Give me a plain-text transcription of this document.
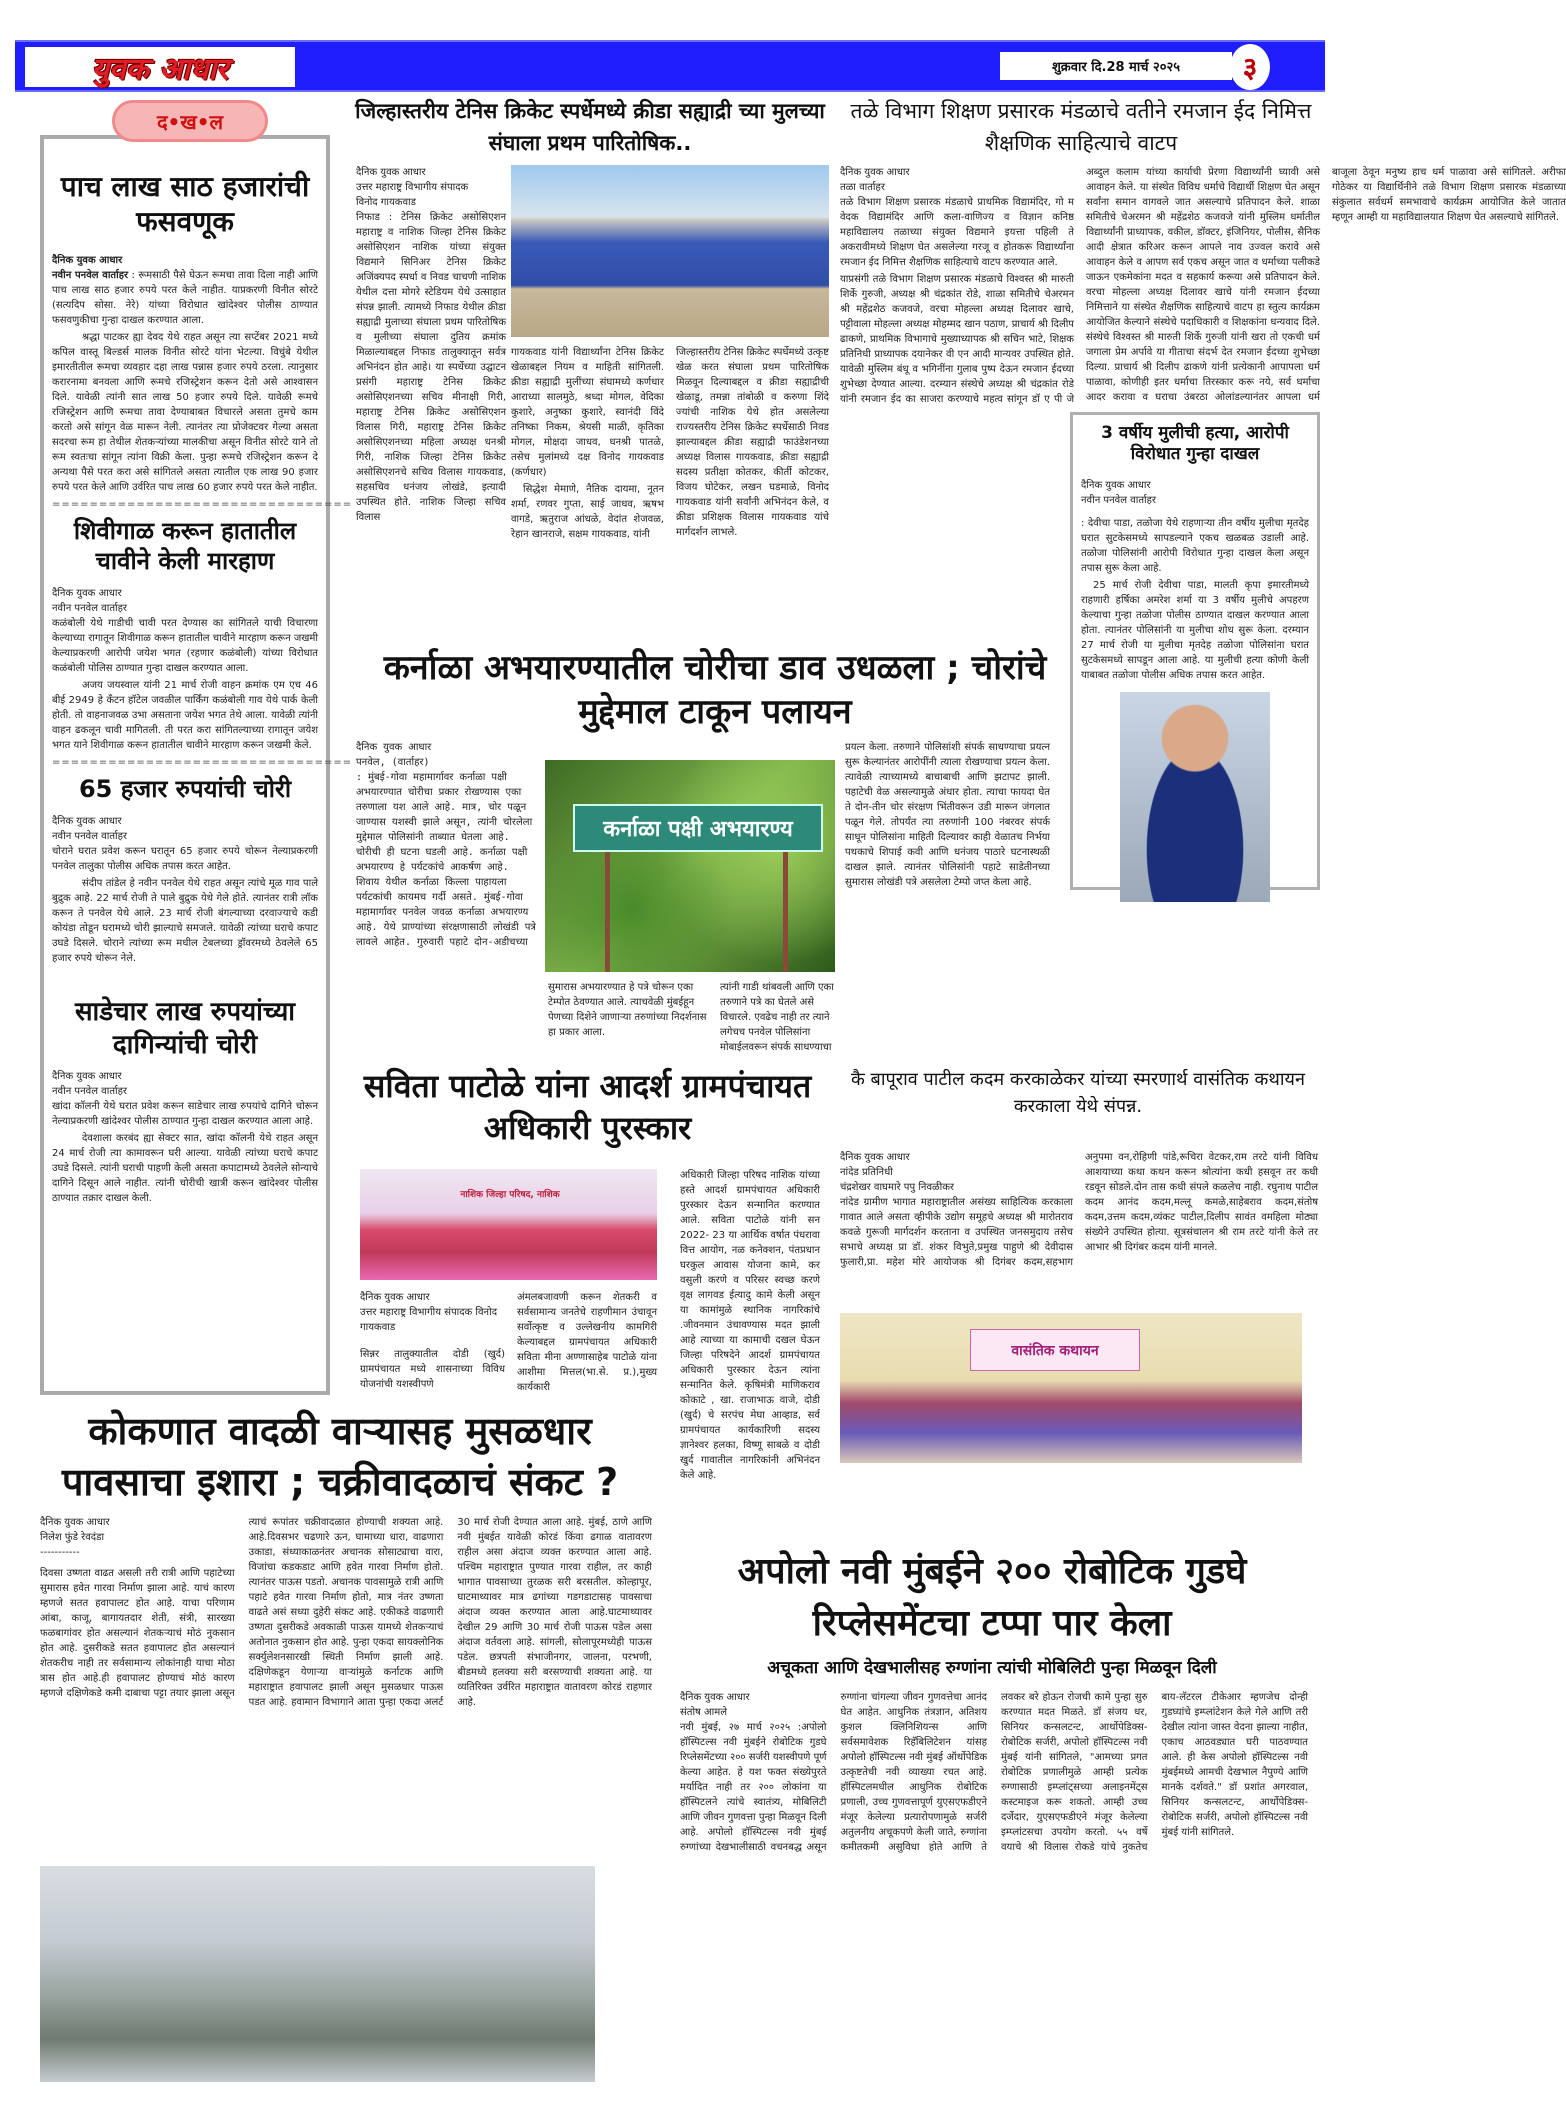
युवक आधार	शुक्रवार दि.28 मार्च २०२५	३
द•ख•ल
पाच लाख साठ हजारांची फसवणूक
दैनिक युवक आधार

नवीन पनवेल वार्ताहर : रूमसाठी पैसे घेऊन रूमचा तावा दिला नाही आणि पाच लाख साठ हजार रुपये परत केले नाहीत. याप्रकरणी विनीत सोरटे (सत्यदिप सोसा. नेरे) यांच्या विरोधात खांदेश्वर पोलीस ठाण्यात फसवणुकीचा गुन्हा दाखल करण्यात आला.

श्रद्धा पाटकर ह्या देवद येथे राहत असून त्या सप्टेंबर 2021 मध्ये कपिल वास्तू बिल्डर्स मालक विनीत सोरटे यांना भेटल्या. विचुंबे येथील इमारतीतील रूमचा व्यवहार दहा लाख पन्नास हजार रुपये ठरला. त्यानुसार करारनामा बनवला आणि रूमचे रजिस्ट्रेशन करून देतो असे आश्वासन दिले. यावेळी त्यांनी सात लाख 50 हजार रुपये दिले. यावेळी रूमचे रजिस्ट्रेशन आणि रूमचा तावा देण्याबाबत विचारले असता तुमचे काम करतो असे सांगून वेळ मारून नेली. त्यानंतर त्या प्रोजेक्टवर गेल्या असता सदरचा रूम हा तेथील शेतकऱ्यांच्या मालकीचा असून विनीत सोरटे याने तो रूम स्वतःचा सांगून त्यांना विक्री केला. पुन्हा रूमचे रजिस्ट्रेशन करून दे अन्यथा पैसे परत करा असे सांगितले असता त्यातील एक लाख 90 हजार रुपये परत केले आणि उर्वरित पाच लाख 60 हजार रुपये परत केले नाहीत.

================================
शिवीगाळ करून हातातील चावीने केली मारहाण
दैनिक युवक आधार
नवीन पनवेल वार्ताहर

कळंबोली येथे गाडीची चावी परत देण्यास का सांगितले याची विचारणा केल्याच्या रागातून शिवीगाळ करून हातातील चावीने मारहाण करून जखमी केल्याप्रकरणी आरोपी जयेश भगत (रहणार कळंबोली) यांच्या विरोधात कळंबोली पोलिस ठाण्यात गुन्हा दाखल करण्यात आला.

अजय जयस्वाल यांनी 21 मार्च रोजी वाहन क्रमांक एम एच 46 बीई 2949 हे कॅंटन हॉटेल जवळील पार्किंग कळंबोली गाव येथे पार्क केली होती. तो वाहनाजवळ उभा असताना जयेश भगत तेथे आला. यावेळी त्यांनी वाहन ढकलून चावी मागितली. ती परत करा सांगितल्याच्या रागातून जयेश भगत याने शिवीगाळ करून हातातील चावीने मारहाण करून जखमी केले.

================================
65 हजार रुपयांची चोरी
दैनिक युवक आधार
नवीन पनवेल वार्ताहर

चोराने घरात प्रवेश करून घरातून 65 हजार रुपये चोरून नेल्याप्रकरणी पनवेल तालुका पोलीस अधिक तपास करत आहेत.

संदीप तांडेल हे नवीन पनवेल येथे राहत असून त्यांचे मूळ गाव पाले बुद्रुक आहे. 22 मार्च रोजी ते पाले बुद्रुक येथे गेले होते. त्यानंतर रात्री लॉक करून ते पनवेल येथे आले. 23 मार्च रोजी बंगल्याच्या दरवाज्याचे कडी कोयंडा तोडून घरामध्ये चोरी झाल्याचे समजले. यावेळी त्यांच्या घराचे कपाट उघडे दिसले. चोराने त्यांच्या रूम मधील टेबलच्या ड्रॉवरमध्ये ठेवलेले 65 हजार रुपये चोरून नेले.

साडेचार लाख रुपयांच्या दागिन्यांची चोरी
दैनिक युवक आधार
नवीन पनवेल वार्ताहर

खांदा कॉलनी येथे घरात प्रवेश करून साडेचार लाख रुपयांचे दागिने चोरून नेल्याप्रकरणी खांदेश्वर पोलीस ठाण्यात गुन्हा दाखल करण्यात आला आहे.

देवशाला करबंद ह्या सेक्टर सात, खांदा कॉलनी येथे राहत असून 24 मार्च रोजी त्या कामावरून घरी आल्या. यावेळी त्यांच्या घराचे कपाट उघडे दिसले. त्यांनी घराची पाहणी केली असता कपाटामध्ये ठेवलेले सोन्याचे दागिने दिसून आले नाहीत. त्यांनी चोरीची खात्री करून खांदेश्वर पोलीस ठाण्यात तक्रार दाखल केली.

जिल्हास्तरीय टेनिस क्रिकेट स्पर्धेमध्ये क्रीडा सह्याद्री च्या मुलच्या संघाला प्रथम पारितोषिक..
दैनिक युवक आधार
उत्तर महाराष्ट्र विभागीय संपादक
विनोद गायकवाड
निफाड : टेनिस क्रिकेट असोसिएशन महाराष्ट्र व नाशिक जिल्हा टेनिस क्रिकेट असोसिएशन नाशिक यांच्या संयुक्त विद्यमाने सिनिअर टेनिस क्रिकेट अजिंक्यपद स्पर्धा व निवड चाचणी नाशिक येथील दत्ता मोगरे स्टेडियम येथे उत्साहात संपन्न झाली. त्यामध्ये निफाड येथील क्रीडा सह्याद्री मुलाच्या संघाला प्रथम पारितोषिक व मुलीच्या संघाला दुतिय क्रमांक मिळाल्याबद्दल निफाड तालुक्यातून सर्वत्र अभिनंदन होत आहे। या स्पर्धेच्या उद्घाटन प्रसंगी महाराष्ट्र टेनिस क्रिकेट असोसिएशनच्या सचिव मीनाक्षी गिरी, महाराष्ट्र टेनिस क्रिकेट असोसिएशन विलास गिरी, महाराष्ट्र टेनिस क्रिकेट असोसिएशनच्या महिला अध्यक्ष धनश्री गिरी, नाशिक जिल्हा टेनिस क्रिकेट असोसिएशनचे सचिव विलास गायकवाड, सहसचिव धनंजय लोखंडे, इत्यादी उपस्थित होते. नाशिक जिल्हा सचिव विलास

गायकवाड यांनी विद्यार्थ्यांना टेनिस क्रिकेट खेळाबद्दल नियम व माहिती सांगितली. क्रीडा सह्याद्री मुलींच्या संघामध्ये कर्णधार आराध्या सालमुठे, श्रध्दा मोगल, वेदिका कुशारे, अनुष्का कुशारे, स्वानंदी विंदे तनिष्का निकम, श्रेयसी माळी, कृतिका मोगल, मोक्षदा जाधव, धनश्री पातळे, तसेच मुलांमध्ये दक्ष विनोद गायकवाड (कर्णधार)

सिद्धेश मेमाणे, नैतिक दायमा, नूतन शर्मा, रणवर गुप्ता, साई जाधव, ऋषभ वागडे, ऋतुराज आंधळे, वेदांत शेजवळ, रेहान खानराजे, सक्षम गायकवाड, यांनी

जिल्हास्तरीय टेनिस क्रिकेट स्पर्धेमध्ये उत्कृष्ट खेळ करत संघाला प्रथम पारितोषिक मिळवून दिल्याबद्दल व क्रीडा सह्याद्रीची खेळाडू, तमन्ना तांबोळी व करुणा शिंदे ज्यांची नाशिक येथे होत असलेल्या राज्यस्तरीय टेनिस क्रिकेट स्पर्धेसाठी निवड झाल्याबद्दल क्रीडा सह्याद्री फाउंडेशनच्या अध्यक्ष विलास गायकवाड, क्रीडा सह्याद्री सदस्य प्रतीक्षा कोतकर, कीर्ती कोटकर, विजय घोटेकर, लखन घडमाळे, विनोद गायकवाड यांनी सर्वांनी अभिनंदन केले, व क्रीडा प्रशिक्षक विलास गायकवाड यांचे मार्गदर्शन लाभले.

तळे विभाग शिक्षण प्रसारक मंडळाचे वतीने रमजान ईद निमित्त शैक्षणिक साहित्याचे वाटप
दैनिक युवक आधार
तळा वार्ताहर

तळे विभाग शिक्षण प्रसारक मंडळाचे प्राथमिक विद्यामंदिर, गो म वेदक विद्यामंदिर आणि कला-वाणिज्य व विज्ञान कनिष्ठ महाविद्यालय तळाच्या संयुक्त विद्यमाने इयत्ता पहिली ते अकरावीमध्ये शिक्षण घेत असलेल्या गरजू व होतकरू विद्यार्थ्यांना रमजान ईद निमित्त शैक्षणिक साहित्याचे वाटप करण्यात आले.

याप्रसंगी तळे विभाग शिक्षण प्रसारक मंडळाचे विश्वस्त श्री मारुती शिर्के गुरुजी, अध्यक्ष श्री चंद्रकांत रोडे, शाळा समितीचे चेअरमन श्री महेंद्रशेठ कजवजे, वरचा मोहल्ला अध्यक्ष दिलावर खाचे, पट्टीवाला मोहल्ला अध्यक्ष मोहम्मद खान पठाण, प्राचार्य श्री दिलीप ढाकणे, प्राथमिक विभागाचे मुख्याध्यापक श्री सचिन भाटे, शिक्षक प्रतिनिधी प्राध्यापक दयानेकर वी एन आदी मान्यवर उपस्थित होते. यावेळी मुस्लिम बंधू व भगिनींना गुलाब पुष्प देऊन रमजान ईदच्या शुभेच्छा देण्यात आल्या. दरम्यान संस्थेचे अध्यक्ष श्री चंद्रकांत रोडे यांनी रमजान ईद का साजरा करण्याचे महत्व सांगून डॉ ए पी जे अब्दुल कलाम यांच्या कार्याची प्रेरणा विद्यार्थ्यांनी घ्यावी असे आवाहन केले. या संस्थेत विविध धर्माचे विद्यार्थी शिक्षण घेत असून सर्वांना समान वागवले जात असल्याचे प्रतिपादन केले. शाळा समितीचे चेअरमन श्री महेंद्रशेठ कजवजे यांनी मुस्लिम धर्मातील विद्यार्थ्यांनी प्राध्यापक, वकील, डॉक्टर, इंजिनियर, पोलीस, सैनिक आदी क्षेत्रात करिअर करून आपले नाव उज्वल करावे असे आवाहन केले व आपण सर्व एकच असून जात व धर्माच्या पलीकडे जाऊन एकमेकांना मदत व सहकार्य करूया असे प्रतिपादन केले. वरचा मोहल्ला अध्यक्ष दिलावर खाचे यांनी रमजान ईदच्या निमित्ताने या संस्थेत शैक्षणिक साहित्याचे वाटप हा स्तुत्य कार्यक्रम आयोजित केल्याने संस्थेचे पदाधिकारी व शिक्षकांना धन्यवाद दिले. संस्थेचे विश्वस्त श्री मारुती शिर्के गुरुजी यांनी खरा तो एकची धर्म जगाला प्रेम अर्पावे या गीताचा संदर्भ देत रमजान ईदच्या शुभेच्छा दिल्या. प्राचार्य श्री दिलीप ढाकणे यांनी प्रत्येकानी आपापला धर्म पाळावा, कोणीही इतर धर्माचा तिरस्कार करू नये, सर्व धर्माचा आदर करावा व घराचा उंबरठा ओलांडल्यानंतर आपला धर्म बाजूला ठेवून मनुष्य हाच धर्म पाळावा असे सांगितले. अरीफा गोठेकर या विद्यार्थिनीने तळे विभाग शिक्षण प्रसारक मंडळाच्या संकुलात सर्वधर्म समभावाचे कार्यक्रम आयोजित केले जातात म्हणून आम्ही या महाविद्यालयात शिक्षण घेत असल्याचे सांगितले.

3 वर्षीय मुलीची हत्या, आरोपी विरोधात गुन्हा दाखल
दैनिक युवक आधार
नवीन पनवेल वार्ताहर

: देवीचा पाडा, तळोजा येथे राहणाऱ्या तीन वर्षीय मुलीचा मृतदेह घरात सुटकेसमध्ये सापडल्याने एकच खळबळ उडाली आहे. तळोजा पोलिसांनी आरोपी विरोधात गुन्हा दाखल केला असून तपास सुरू केला आहे.

25 मार्च रोजी देवीचा पाडा, मालती कृपा इमारतीमध्ये राहणारी हर्षिका अमरेश शर्मा या 3 वर्षीय मुलीचे अपहरण केल्याचा गुन्हा तळोजा पोलीस ठाण्यात दाखल करण्यात आला होता. त्यानंतर पोलिसांनी या मुलीचा शोध सुरू केला. दरम्यान 27 मार्च रोजी या मुलीचा मृतदेह तळोजा पोलिसांना घरात सुटकेसमध्ये सापडून आला आहे. या मुलीची हत्या कोणी केली याबाबत तळोजा पोलीस अधिक तपास करत आहेत.

कर्नाळा अभयारण्यातील चोरीचा डाव उधळला ; चोरांचे मुद्देमाल टाकून पलायन
दैनिक युवक आधार
पनवेल, (वार्ताहर)
: मुंबई-गोवा महामार्गावर कर्नाळा पक्षी अभयारण्यात चोरीचा प्रकार रोखण्यास एका तरुणाला यश आले आहे. मात्र, चोर पळून जाण्यास यशस्वी झाले असून, त्यांनी चोरलेला मुद्देमाल पोलिसांनी ताब्यात घेतला आहे. चोरीची ही घटना घडली आहे. कर्नाळा पक्षी अभयारण्य हे पर्यटकांचे आकर्षण आहे. शिवाय येथील कर्नाळा किल्ला पाहायला पर्यटकांची कायमच गर्दी असते. मुंबई-गोवा महामार्गावर पनवेल जवळ कर्नाळा अभयारण्य आहे. येथे प्राण्यांच्या संरक्षणासाठी लोखंडी पत्रे लावले आहेत. गुरुवारी पहाटे दोन-अडीचच्या
कर्नाळा पक्षी अभयारण्य
सुमारास अभयारण्यात हे पत्रे चोरून एका टेम्पोत ठेवण्यात आले. त्याचवेळी मुंबईहून पेणच्या दिशेने जाणाऱ्या तरुणांच्या निदर्शनास हा प्रकार आला.
त्यांनी गाडी थांबवली आणि एका तरुणाने पत्रे का घेतले असे विचारले. एवढेच नाही तर त्याने लगेचच पनवेल पोलिसांना मोबाईलवरून संपर्क साधण्याचा
प्रयत्न केला. तरुणाने पोलिसांशी संपर्क साधण्याचा प्रयत्न सुरू केल्यानंतर आरोपींनी त्याला रोखण्याचा प्रयत्न केला. त्यावेळी त्याच्यामध्ये बाचाबाची आणि झटापट झाली. पहाटेची वेळ असल्यामुळे अंधार होता. त्याचा फायदा घेत ते दोन-तीन चोर संरक्षण भिंतीवरून उडी मारून जंगलात पळून गेले. तोपर्यंत त्या तरुणांनी 100 नंबरवर संपर्क साधून पोलिसांना माहिती दिल्यावर काही वेळातच निर्भया पथकाचे शिपाई कवी आणि धनंजय पाठारे घटनास्थळी दाखल झाले. त्यानंतर पोलिसांनी पहाटे साडेतीनच्या सुमारास लोखंडी पत्रे असलेला टेम्पो जप्त केला आहे.
सविता पाटोळे यांना आदर्श ग्रामपंचायत अधिकारी पुरस्कार
नाशिक जिल्हा परिषद, नाशिक
दैनिक युवक आधार
उत्तर महाराष्ट्र विभागीय संपादक विनोद गायकवाड
सिन्नर तालुक्यातील दोडी (खुर्द) ग्रामपंचायत मध्ये शासनाच्या विविध योजनांची यशस्वीपणे
अंमलबजावणी करून शेतकरी व सर्वसामान्य जनतेचे राहणीमान उंचावून सर्वोत्कृष्ट व उल्लेखनीय कामगिरी केल्याबद्दल ग्रामपंचायत अधिकारी सविता मीना अण्णासाहेब पाटोळे यांना आशीमा मित्तल(भा.से. प्र.),मुख्य कार्यकारी
अधिकारी जिल्हा परिषद नाशिक यांच्या हस्ते आदर्श ग्रामपंचायत अधिकारी पुरस्कार देऊन सन्मानित करण्यात आले. सविता पाटोळे यांनी सन 2022- 23 या आर्थिक वर्षात पंधरावा वित्त आयोग, नळ कनेक्शन, पंतप्रधान घरकुल आवास योजना कामे, कर वसुली करणे व परिसर स्वच्छ करणे वृक्ष लागवड ईत्यादु कामे केली असून या कामांमुळे स्थानिक नागरिकांचे .जीवनमान उंचावण्यास मदत झाली आहे त्याच्या या कामाची दखल घेऊन जिल्हा परिषदेने आदर्श ग्रामपंचायत अधिकारी पुरस्कार देऊन त्यांना सन्मानित केले. कृषिमंत्री माणिकराव कोकाटे , खा. राजाभाऊ वाजे, दोडी (खुर्द) चे सरपंच मेघा आव्हाड, सर्व ग्रामपंचायत कार्यकारिणी सदस्य ज्ञानेश्वर हलका, विष्णू साबळे व दोडी खुर्द गावातील नागरिकांनी अभिनंदन केले आहे.
कै बापूराव पाटील कदम करकाळेकर यांच्या स्मरणार्थ वासंतिक कथायन करकाला येथे संपन्न.
दैनिक युवक आधार
नांदेड प्रतिनिधी
चंद्रशेखर वाघमारे पपु निवळीकर

नांदेड ग्रामीण भागात महाराष्ट्रातील असंख्य साहित्यिक करकाला गावात आले असता व्हीपीके उद्योग समूहचे अध्यक्ष श्री मारोतराव कवळे गुरूजी मार्गदर्शन करताना व उपस्थित जनसमुदाय तसेच सभाचे अध्यक्ष प्रा डॉ. शंकर विभुते,प्रमुख पाहुणे श्री देवीदास फुलारी,प्रा. महेश मोरे आयोजक श्री दिगंबर कदम,सहभाग अनुपमा वन,रोहिणी पांडे,रूचिरा वेटकर,राम तरटे यांनी विविध आशयाच्या कथा कथन करून श्रोत्यांना कधी हसवून तर कधी रडवून सोडले.दोन तास कधी संपले कळलेच नाही. रघुनाथ पाटील कदम आनंद कदम,मल्लू कमळे,साहेबराव कदम,संतोष कदम,उत्तम कदम,व्यंकट पाटील,दिलीप सावंत वमहिला मोठ्या संख्येने उपस्थित होत्या. सूत्रसंचालन श्री राम तरटे यांनी केले तर आभार श्री दिगंबर कदम यांनी मानले.

वासंतिक कथायन
कोकणात वादळी वाऱ्यासह मुसळधार पावसाचा इशारा ; चक्रीवादळाचं संकट ?
दैनिक युवक आधार
निलेश फुंडे रेवदंडा
-----------

दिवसा उष्णता वाढत असली तरी रात्री आणि पहाटेच्या सुमारास हवेत गारवा निर्माण झाला आहे. याचं कारण म्हणजे सतत हवापालट होत आहे. याचा परिणाम आंबा, काजू, बागायतदार शेती, संत्री, सारख्या फळबागांवर होत असल्यानं शेतकऱ्याचं मोठं नुकसान होत आहे. दुसरीकडे सतत हवापालट होत असल्यानं शेतकरीच नाही तर सर्वसामान्य लोकांनाही याचा मोठा त्रास होत आहे.ही हवापालट होण्याचं मोठं कारण म्हणजे दक्षिणेकडे कमी दाबाचा पट्टा तयार झाला असून त्याचं रूपांतर चक्रीवादळात होण्याची शक्यता आहे. आहे.दिवसभर चढणारे ऊन, घामाच्या धारा, वाढणारा उकाडा, संध्याकाळनंतर अचानक सोसाट्याचा वारा, विजांचा कडकडाट आणि हवेत गारवा निर्माण होतो. त्यानंतर पाऊस पडतो. अचानक पावसामुळे रात्री आणि पहाटे हवेत गारवा निर्माण होतो, मात्र नंतर उष्णता वाढते असं सध्या दुहेरी संकट आहे. एकीकडे वाढणारी उष्णता दुसरीकडे अवकाळी पाऊस यामध्ये शेतकऱ्याचं अतोनात नुकसान होत आहे. पुन्हा एकदा सायक्लोनिक सर्क्युलेशनसारखी स्थिती निर्माण झाली आहे. दक्षिणेकडून येणाऱ्या वाऱ्यांमुळे कर्नाटक आणि महाराष्ट्रात हवापालट झाली असून मुसळधार पाऊस पडत आहे. हवामान विभागाने आता पुन्हा एकदा अलर्ट 30 मार्च रोजी देण्यात आला आहे. मुंबई, ठाणे आणि नवी मुंबईत यावेळी कोरडं किंवा ढगाळ वातावरण राहील असा अंदाज व्यक्त करण्यात आला आहे. पश्चिम महाराष्ट्रात पुण्यात गारवा राहील, तर काही भागात पावसाच्या तुरळक सरी बरसतील. कोल्हापूर, घाटमाथ्यावर मात्र ढगांच्या गडगडाटासह पावसाचा अंदाज व्यक्त करण्यात आला आहे.घाटमाथ्यावर देखील 29 आणि 30 मार्च रोजी पाऊस पडेल असा अंदाज वर्तवला आहे. सांगली, सोलापूरमध्येही पाऊस पडेल. छत्रपती संभाजीनगर, जालना, परभणी, बीडमध्ये हलक्या सरी बरसण्याची शक्यता आहे. या व्यतिरिक्त उर्वरित महाराष्ट्रात वातावरण कोरडं राहणार आहे.

अपोलो नवी मुंबईने २०० रोबोटिक गुडघे रिप्लेसमेंटचा टप्पा पार केला
अचूकता आणि देखभालीसह रुग्णांना त्यांची मोबिलिटी पुन्हा मिळवून दिली
दैनिक युवक आधार
संतोष आमले

नवी मुंबई, २७ मार्च २०२५ :अपोलो हॉस्पिटल्स नवी मुंबईने रोबोटिक गुडघे रिप्लेसमेंटच्या २०० सर्जरी यशस्वीपणे पूर्ण केल्या आहेत. हे यश फक्त संख्येपुरते मर्यादित नाही तर २०० लोकांना या हॉस्पिटलने त्यांचे स्वातंत्र्य, मोबिलिटी आणि जीवन गुणवत्ता पुन्हा मिळवून दिली आहे. अपोलो हॉस्पिटल्स नवी मुंबई रुग्णांच्या देखभालीसाठी वचनबद्ध असून रुग्णांना चांगल्या जीवन गुणवत्तेचा आनंद घेत आहेत. आधुनिक तंत्रज्ञान, अतिशय कुशल क्लिनिशियन्स आणि सर्वसमावेशक रिहॅबिलिटेशन यांसह अपोलो हॉस्पिटल्स नवी मुंबई ऑर्थोपेडिक उत्कृष्टतेची नवी व्याख्या रचत आहे. हॉस्पिटलमधील आधुनिक रोबोटिक प्रणाली, उच्च गुणवत्तापूर्ण युएसएफडीएने मंजूर केलेल्या प्रत्यारोपणामुळे सर्जरी अतुलनीय अचूकपणे केली जाते, रुग्णांना कमीतकमी असुविधा होते आणि ते लवकर बरे होऊन रोजची कामे पुन्हा सुरु करण्यात मदत मिळते. डॉ संजय धर, सिनियर कन्सलटन्ट, आर्थोपेडिक्स-रोबोटिक सर्जरी, अपोलो हॉस्पिटल्स नवी मुंबई यांनी सांगितले, "आमच्या प्रगत रोबोटिक प्रणालीमुळे आम्ही प्रत्येक रुग्णासाठी इम्प्लांट्सच्या अलाइनमेंट्स कस्टमाइज करू शकतो. आम्ही उच्च दर्जेदार, युएसएफडीएने मंजूर केलेल्या इम्प्लांटसचा उपयोग करतो. ५५ वर्षे वयाचे श्री विलास रोकडे यांचे नुकतेच बाय-लॅटरल टीकेआर म्हणजेच दोन्ही गुडघ्यांचे इम्प्लांटेशन केले गेले आणि तरी देखील त्यांना जास्त वेदना झाल्या नाहीत, एकाच आठवड्यात घरी पाठवण्यात आले. ही केस अपोलो हॉस्पिटल्स नवी मुंबईमध्ये आमची देखभाल नैपुण्ये आणि मानके दर्शवते." डॉ प्रशांत अगरवाल, सिनियर कन्सलटन्ट, आर्थोपेडिक्स-रोबोटिक सर्जरी, अपोलो हॉस्पिटल्स नवी मुंबई यांनी सांगितले.
